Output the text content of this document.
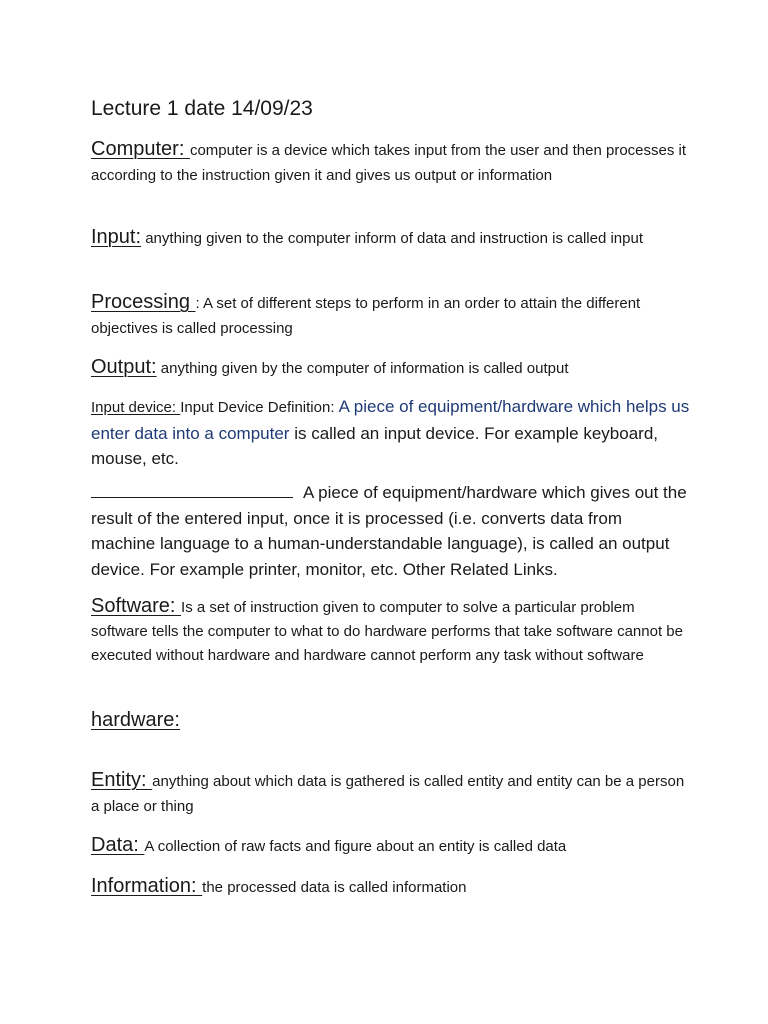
Lecture 1 date 14/09/23

Computer: computer is a device which takes input from the user and then processes it according to the instruction given it and gives us output or information

Input: anything given to the computer inform of data and instruction is called input

Processing : A set of different steps to perform in an order to attain the different objectives is called processing

Output: anything given by the computer of information is called output

Input device: Input Device Definition: A piece of equipment/hardware which helps us enter data into a computer is called an input device. For example keyboard, mouse, etc.

A piece of equipment/hardware which gives out the result of the entered input, once it is processed (i.e. converts data from machine language to a human-understandable language), is called an output device. For example printer, monitor, etc. Other Related Links.

Software: Is a set of instruction given to computer to solve a particular problem software tells the computer to what to do hardware performs that take software cannot be executed without hardware and hardware cannot perform any task without software

hardware:

Entity: anything about which data is gathered is called entity and entity can be a person a place or thing

Data: A collection of raw facts and figure about an entity is called data

Information: the processed data is called information
